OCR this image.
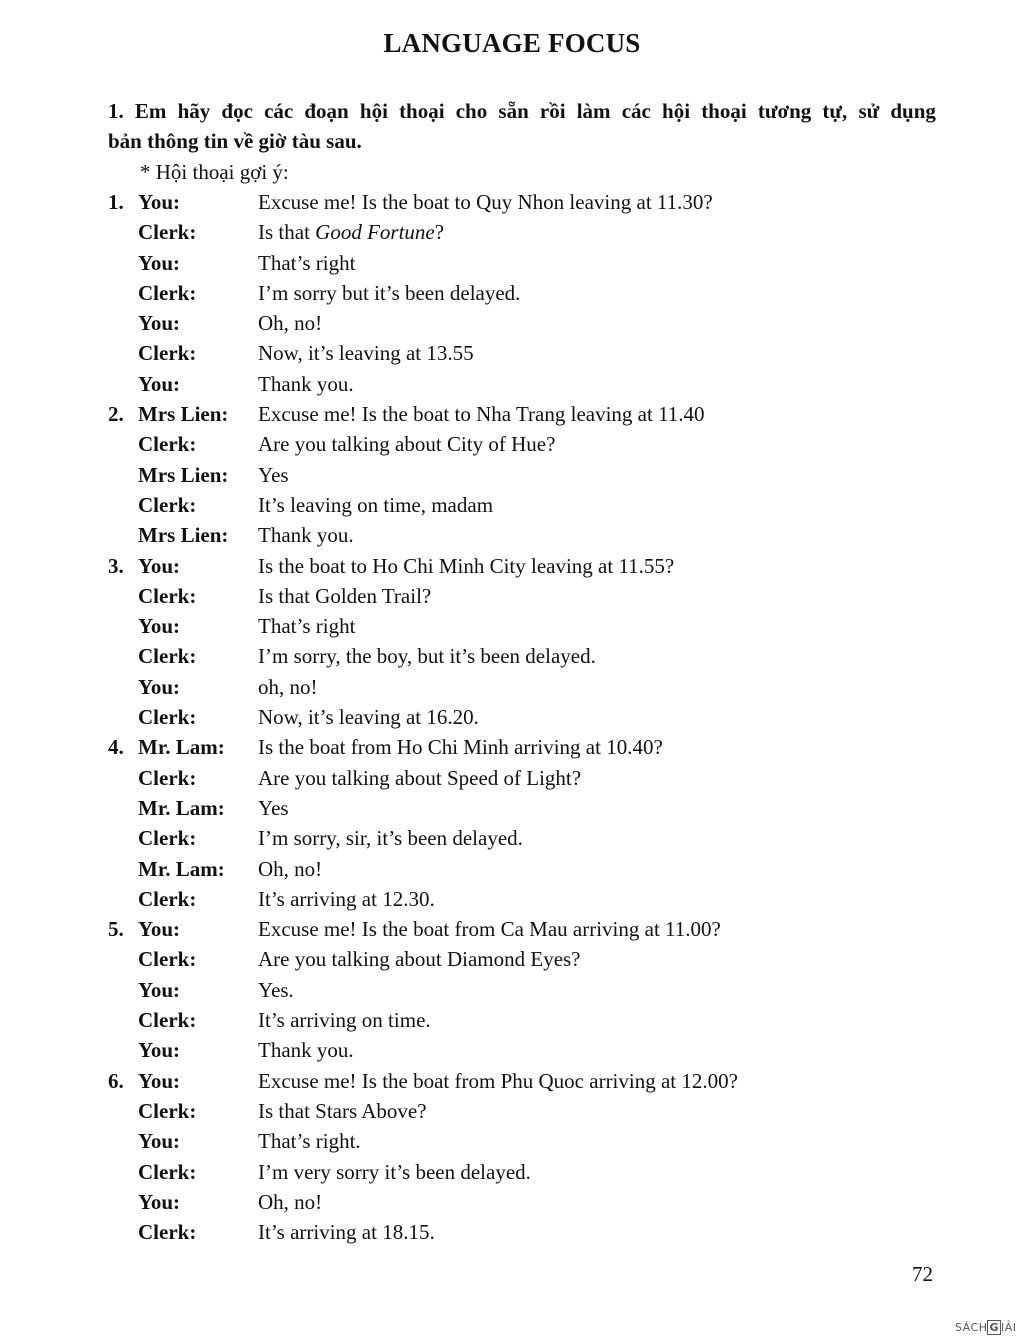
LANGUAGE FOCUS
1. Em hãy đọc các đoạn hội thoại cho sẵn rồi làm các hội thoại tương tự, sử dụng
bản thông tin về giờ tàu sau.
* Hội thoại gợi ý:
1. You:	Excuse me! Is the boat to Quy Nhon leaving at 11.30?
Clerk:	Is that Good Fortune?
You:	That’s right
Clerk:	I’m sorry but it’s been delayed.
You:	Oh, no!
Clerk:	Now, it’s leaving at 13.55
You:	Thank you.
2. Mrs Lien:	Excuse me! Is the boat to Nha Trang leaving at 11.40
Clerk:	Are you talking about City of Hue?
Mrs Lien:	Yes
Clerk:	It’s leaving on time, madam
Mrs Lien:	Thank you.
3. You:	Is the boat to Ho Chi Minh City leaving at 11.55?
Clerk:	Is that Golden Trail?
You:	That’s right
Clerk:	I’m sorry, the boy, but it’s been delayed.
You:	oh, no!
Clerk:	Now, it’s leaving at 16.20.
4. Mr. Lam:	Is the boat from Ho Chi Minh arriving at 10.40?
Clerk:	Are you talking about Speed of Light?
Mr. Lam:	Yes
Clerk:	I’m sorry, sir, it’s been delayed.
Mr. Lam:	Oh, no!
Clerk:	It’s arriving at 12.30.
5. You:	Excuse me! Is the boat from Ca Mau arriving at 11.00?
Clerk:	Are you talking about Diamond Eyes?
You:	Yes.
Clerk:	It’s arriving on time.
You:	Thank you.
6. You:	Excuse me! Is the boat from Phu Quoc arriving at 12.00?
Clerk:	Is that Stars Above?
You:	That’s right.
Clerk:	I’m very sorry it’s been delayed.
You:	Oh, no!
Clerk:	It’s arriving at 18.15.
72
SÁCH G IẢI
